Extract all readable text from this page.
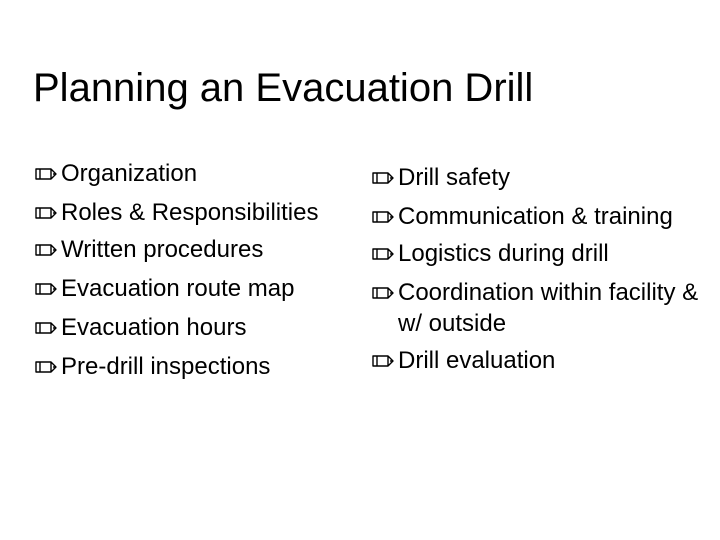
Planning an Evacuation Drill
Organization
Roles & Responsibilities
Written procedures
Evacuation route map
Evacuation hours
Pre-drill inspections
Drill safety
Communication & training
Logistics during drill
Coordination within facility & w/ outside
Drill evaluation
